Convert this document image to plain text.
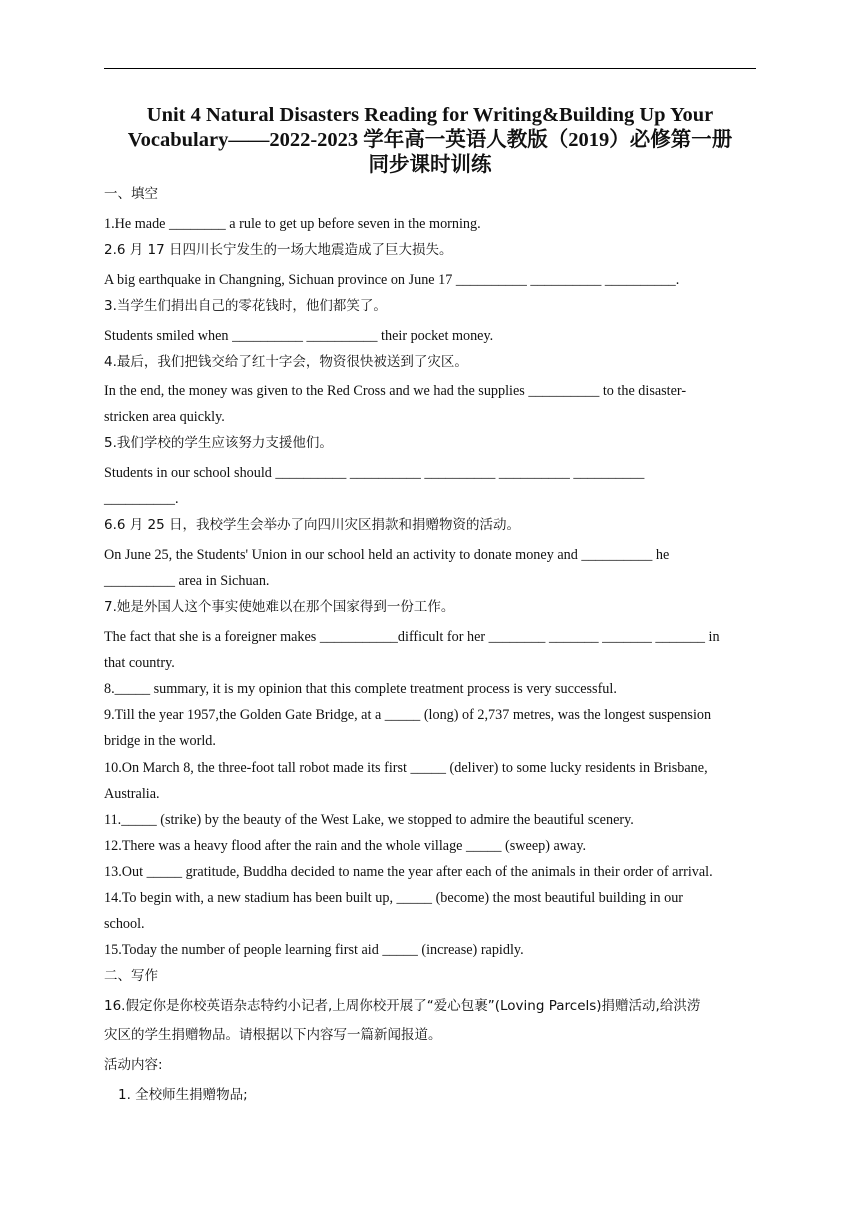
Unit 4 Natural Disasters Reading for Writing&Building Up Your
Vocabulary——2022-2023 学年高一英语人教版（2019）必修第一册
同步课时训练
一、填空
1.He made ________ a rule to get up before seven in the morning.
2.6 月 17 日四川长宁发生的一场大地震造成了巨大损失。
A big earthquake in Changning, Sichuan province on June 17 __________ __________ __________.
3.当学生们捐出自己的零花钱时，他们都笑了。
Students smiled when __________ __________ their pocket money.
4.最后，我们把钱交给了红十字会，物资很快被送到了灾区。
In the end, the money was given to the Red Cross and we had the supplies __________ to the disaster-
stricken area quickly.
5.我们学校的学生应该努力支援他们。
Students in our school should __________ __________ __________ __________ __________
__________.
6.6 月 25 日，我校学生会举办了向四川灾区捐款和捐赠物资的活动。
On June 25, the Students' Union in our school held an activity to donate money and __________ he
__________ area in Sichuan.
7.她是外国人这个事实使她难以在那个国家得到一份工作。
The fact that she is a foreigner makes ___________difficult for her ________ _______ _______ _______ in
that country.
8._____ summary, it is my opinion that this complete treatment process is very successful.
9.Till the year 1957,the Golden Gate Bridge, at a _____ (long) of 2,737 metres, was the longest suspension
bridge in the world.
10.On March 8, the three-foot tall robot made its first _____ (deliver) to some lucky residents in Brisbane,
Australia.
11._____ (strike) by the beauty of the West Lake, we stopped to admire the beautiful scenery.
12.There was a heavy flood after the rain and the whole village _____ (sweep) away.
13.Out _____ gratitude, Buddha decided to name the year after each of the animals in their order of arrival.
14.To begin with, a new stadium has been built up, _____ (become) the most beautiful building in our
school.
15.Today the number of people learning first aid _____ (increase) rapidly.
二、写作
16.假定你是你校英语杂志特约小记者,上周你校开展了“爱心包裹”(Loving Parcels)捐赠活动,给洪涝
灾区的学生捐赠物品。请根据以下内容写一篇新闻报道。
活动内容:
1. 全校师生捐赠物品;
